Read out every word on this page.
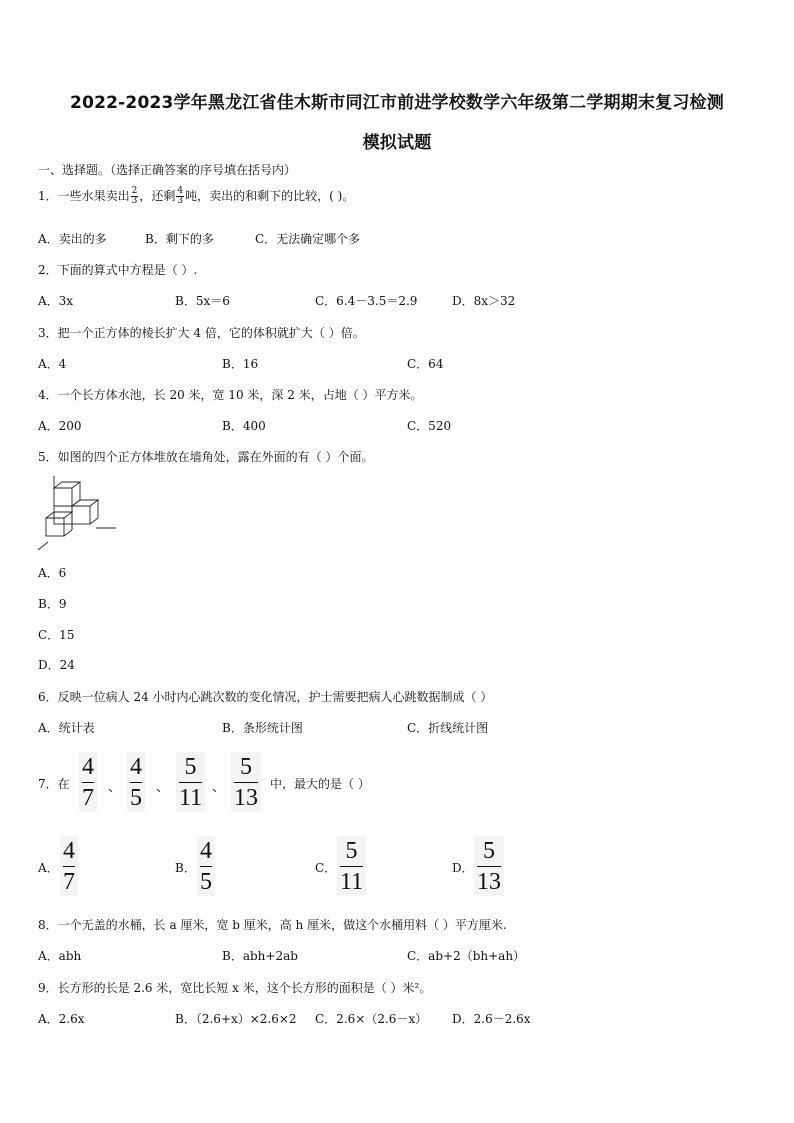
2022-2023学年黑龙江省佳木斯市同江市前进学校数学六年级第二学期期末复习检测
模拟试题
一、选择题。（选择正确答案的序号填在括号内）
1．一些水果卖出 $\frac{2}{3}$ ，还剩 $\frac{4}{3}$ 吨，卖出的和剩下的比较，( )。
A．卖出的多	B．剩下的多	C．无法确定哪个多
2．下面的算式中方程是（ ）.
A．3x	B．5x＝6	C．6.4－3.5＝2.9	D．8x＞32
3．把一个正方体的棱长扩大 4 倍，它的体积就扩大（ ）倍。
A．4	B．16	C．64
4．一个长方体水池，长 20 米，宽 10 米，深 2 米，占地（ ）平方米。
A．200	B．400	C．520
5．如图的四个正方体堆放在墙角处，露在外面的有（ ）个面。
A．6
B．9
C．15
D．24
6．反映一位病人 24 小时内心跳次数的变化情况，护士需要把病人心跳数据制成（ ）
A．统计表	B．条形统计图	C．折线统计图
7．在
4
7 、
4
5 、
5
11 、
5
13
中，最大的是（ ）
A．
4
7
B．
4
5
C．
5
11
D．
5
13
8．一个无盖的水桶，长 a 厘米，宽 b 厘米，高 h 厘米，做这个水桶用料（ ）平方厘米.
A．abh	B．abh+2ab	C．ab+2（bh+ah）
9．长方形的长是 2.6 米，宽比长短 x 米，这个长方形的面积是（ ）米²。
A．2.6x	B．（2.6+x）×2.6×2 C．2.6×（2.6－x） D．2.6－2.6x
